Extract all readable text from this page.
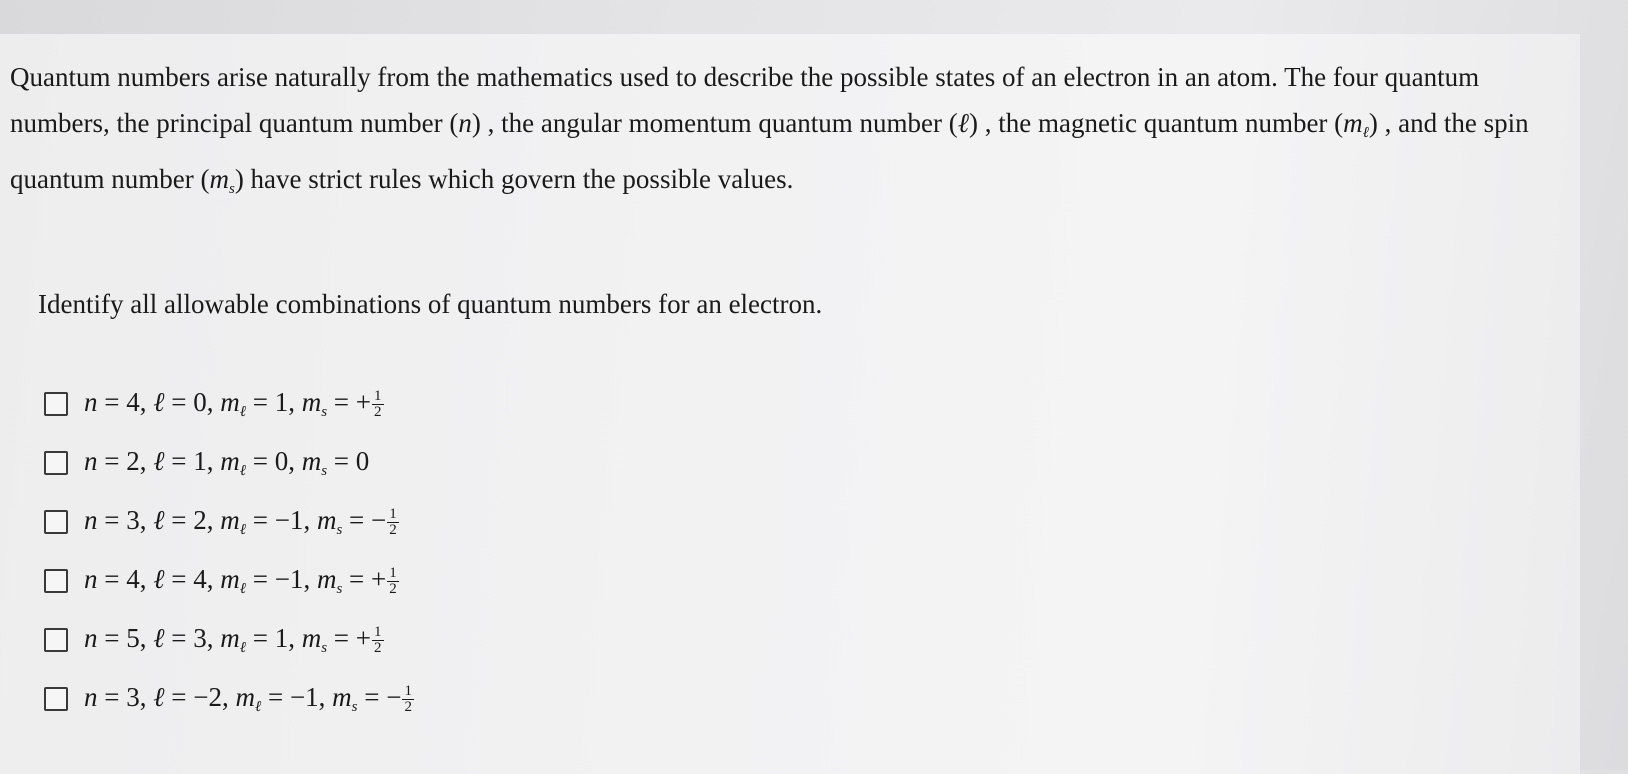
Quantum numbers arise naturally from the mathematics used to describe the possible states of an electron in an atom. The four quantum numbers, the principal quantum number (n) , the angular momentum quantum number (ℓ) , the magnetic quantum number $(m_\ell)$ , and the spin quantum number $(m_s)$ have strict rules which govern the possible values.

Identify all allowable combinations of quantum numbers for an electron.
n = 4, ℓ = 0, $m_\ell = 1$, $m_s$ = + $\frac{1}{2}$
n = 2, ℓ = 1, $m_\ell = 0$, $m_s = 0$
n = 3, ℓ = 2, $m_\ell = -1$, $m_s$ = − $\frac{1}{2}$
n = 4, ℓ = 4, $m_\ell = -1$, $m_s$ = + $\frac{1}{2}$
n = 5, ℓ = 3, $m_\ell = 1$, $m_s$ = + $\frac{1}{2}$
n = 3, ℓ = −2, $m_\ell = -1$, $m_s$ = − $\frac{1}{2}$
